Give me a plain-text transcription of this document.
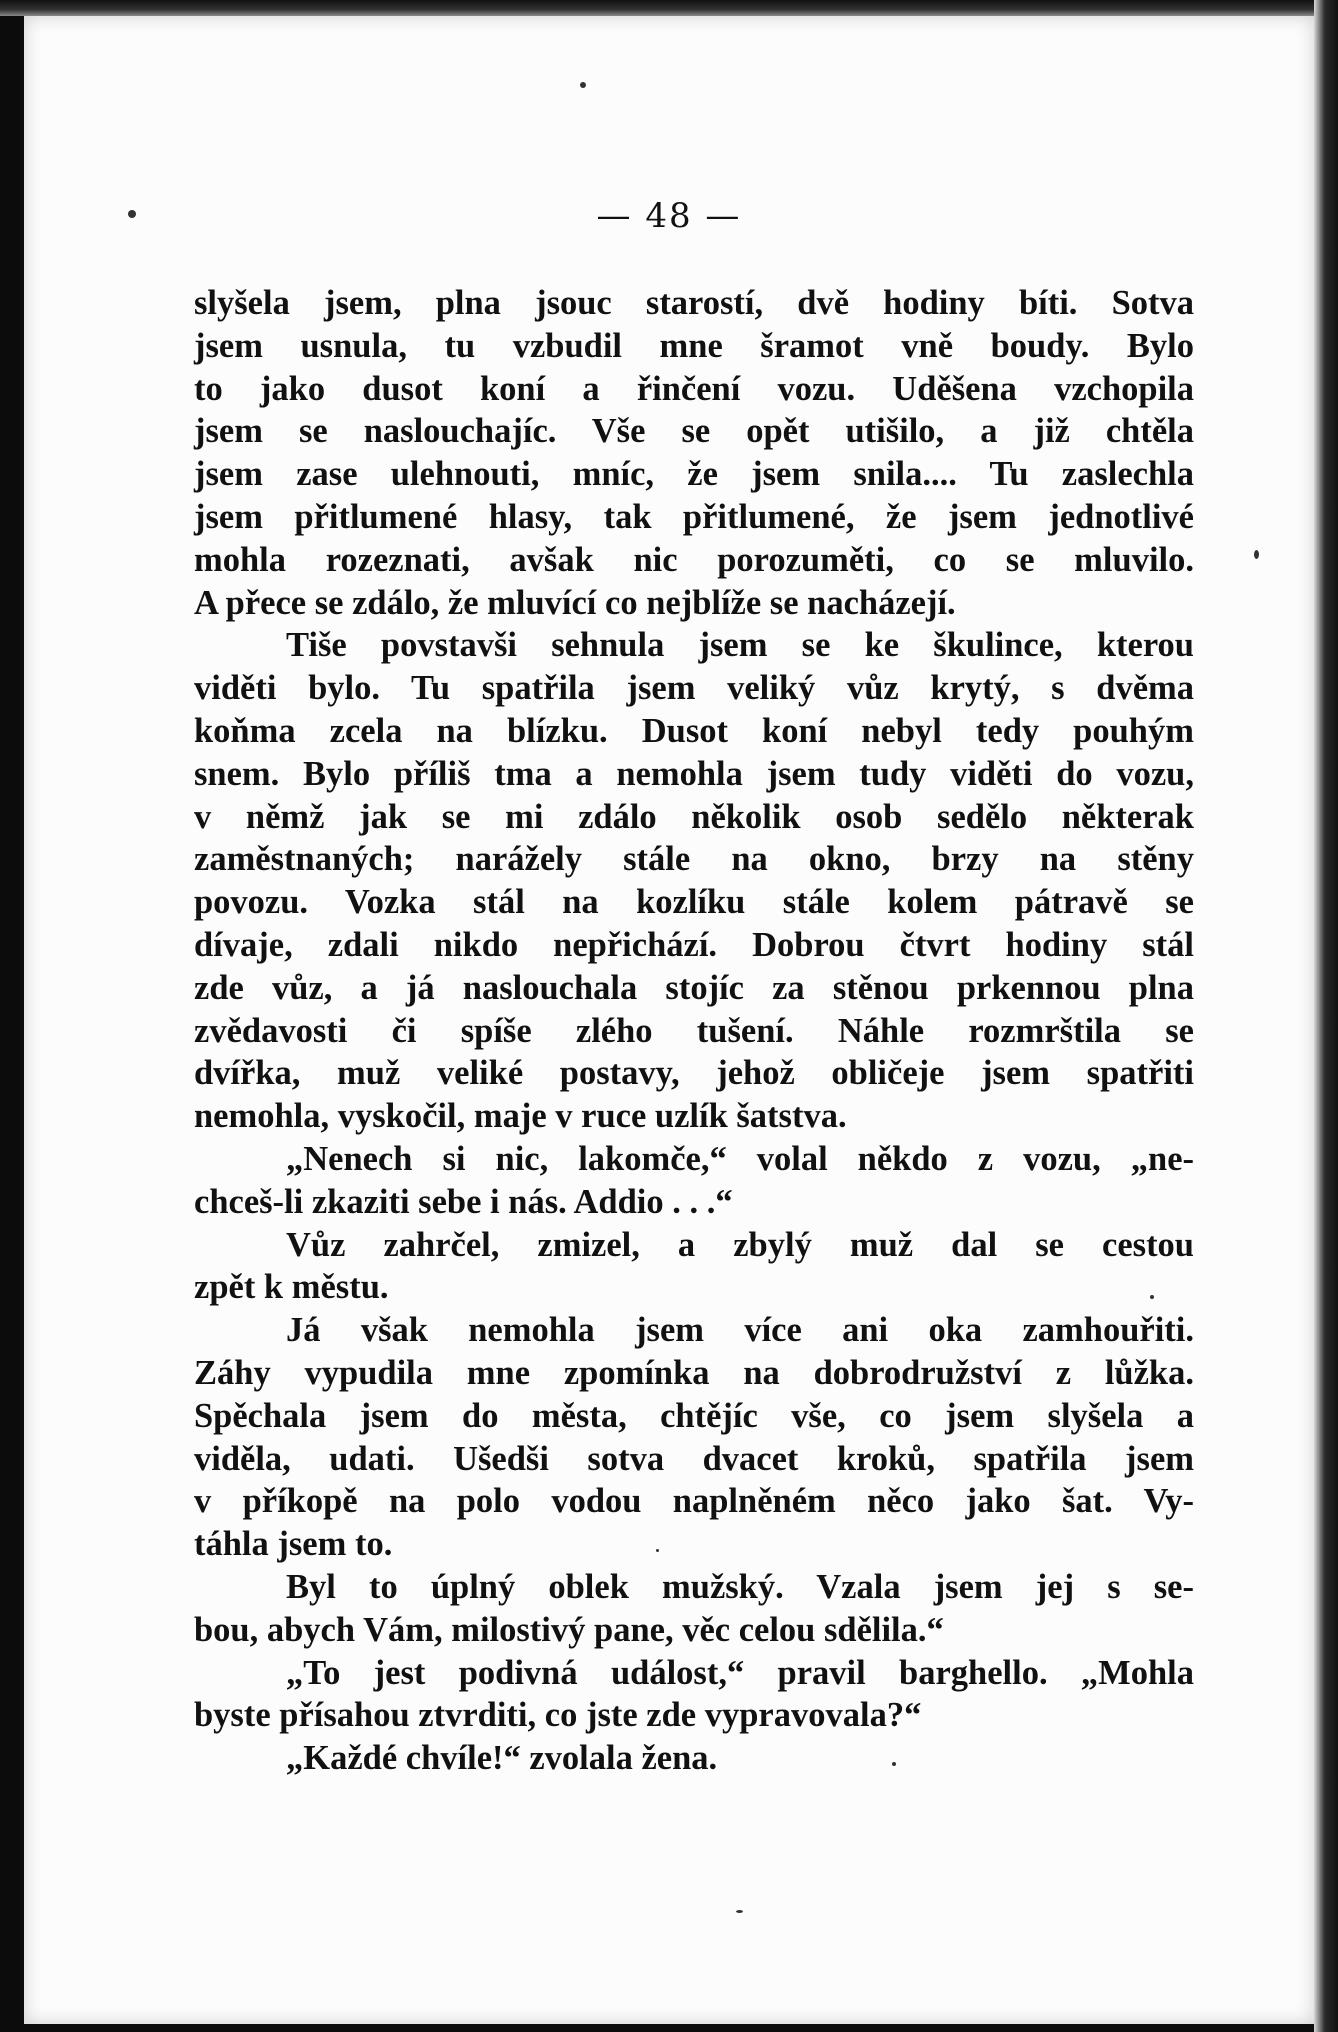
— 48 —
slyšela jsem, plna jsouc starostí, dvě hodiny bíti. Sotva
jsem usnula, tu vzbudil mne šramot vně boudy. Bylo
to jako dusot koní a řinčení vozu. Uděšena vzchopila
jsem se naslouchajíc. Vše se opět utišilo, a již chtěla
jsem zase ulehnouti, mníc, že jsem snila.... Tu zaslechla
jsem přitlumené hlasy, tak přitlumené, že jsem jednotlivé
mohla rozeznati, avšak nic porozuměti, co se mluvilo.
A přece se zdálo, že mluvící co nejblíže se nacházejí.
Tiše povstavši sehnula jsem se ke škulince, kterou
viděti bylo. Tu spatřila jsem veliký vůz krytý, s dvěma
koňma zcela na blízku. Dusot koní nebyl tedy pouhým
snem. Bylo příliš tma a nemohla jsem tudy viděti do vozu,
v němž jak se mi zdálo několik osob sedělo některak
zaměstnaných; narážely stále na okno, brzy na stěny
povozu. Vozka stál na kozlíku stále kolem pátravě se
dívaje, zdali nikdo nepřichází. Dobrou čtvrt hodiny stál
zde vůz, a já naslouchala stojíc za stěnou prkennou plna
zvědavosti či spíše zlého tušení. Náhle rozmrštila se
dvířka, muž veliké postavy, jehož obličeje jsem spatřiti
nemohla, vyskočil, maje v ruce uzlík šatstva.
„Nenech si nic, lakomče,“ volal někdo z vozu, „ne-
chceš-li zkaziti sebe i nás. Addio . . .“
Vůz zahrčel, zmizel, a zbylý muž dal se cestou
zpět k městu.
Já však nemohla jsem více ani oka zamhouřiti.
Záhy vypudila mne zpomínka na dobrodružství z lůžka.
Spěchala jsem do města, chtějíc vše, co jsem slyšela a
viděla, udati. Ušedši sotva dvacet kroků, spatřila jsem
v příkopě na polo vodou naplněném něco jako šat. Vy-
táhla jsem to.
Byl to úplný oblek mužský. Vzala jsem jej s se-
bou, abych Vám, milostivý pane, věc celou sdělila.“
„To jest podivná událost,“ pravil barghello. „Mohla
byste přísahou ztvrditi, co jste zde vypravovala?“
„Každé chvíle!“ zvolala žena.
